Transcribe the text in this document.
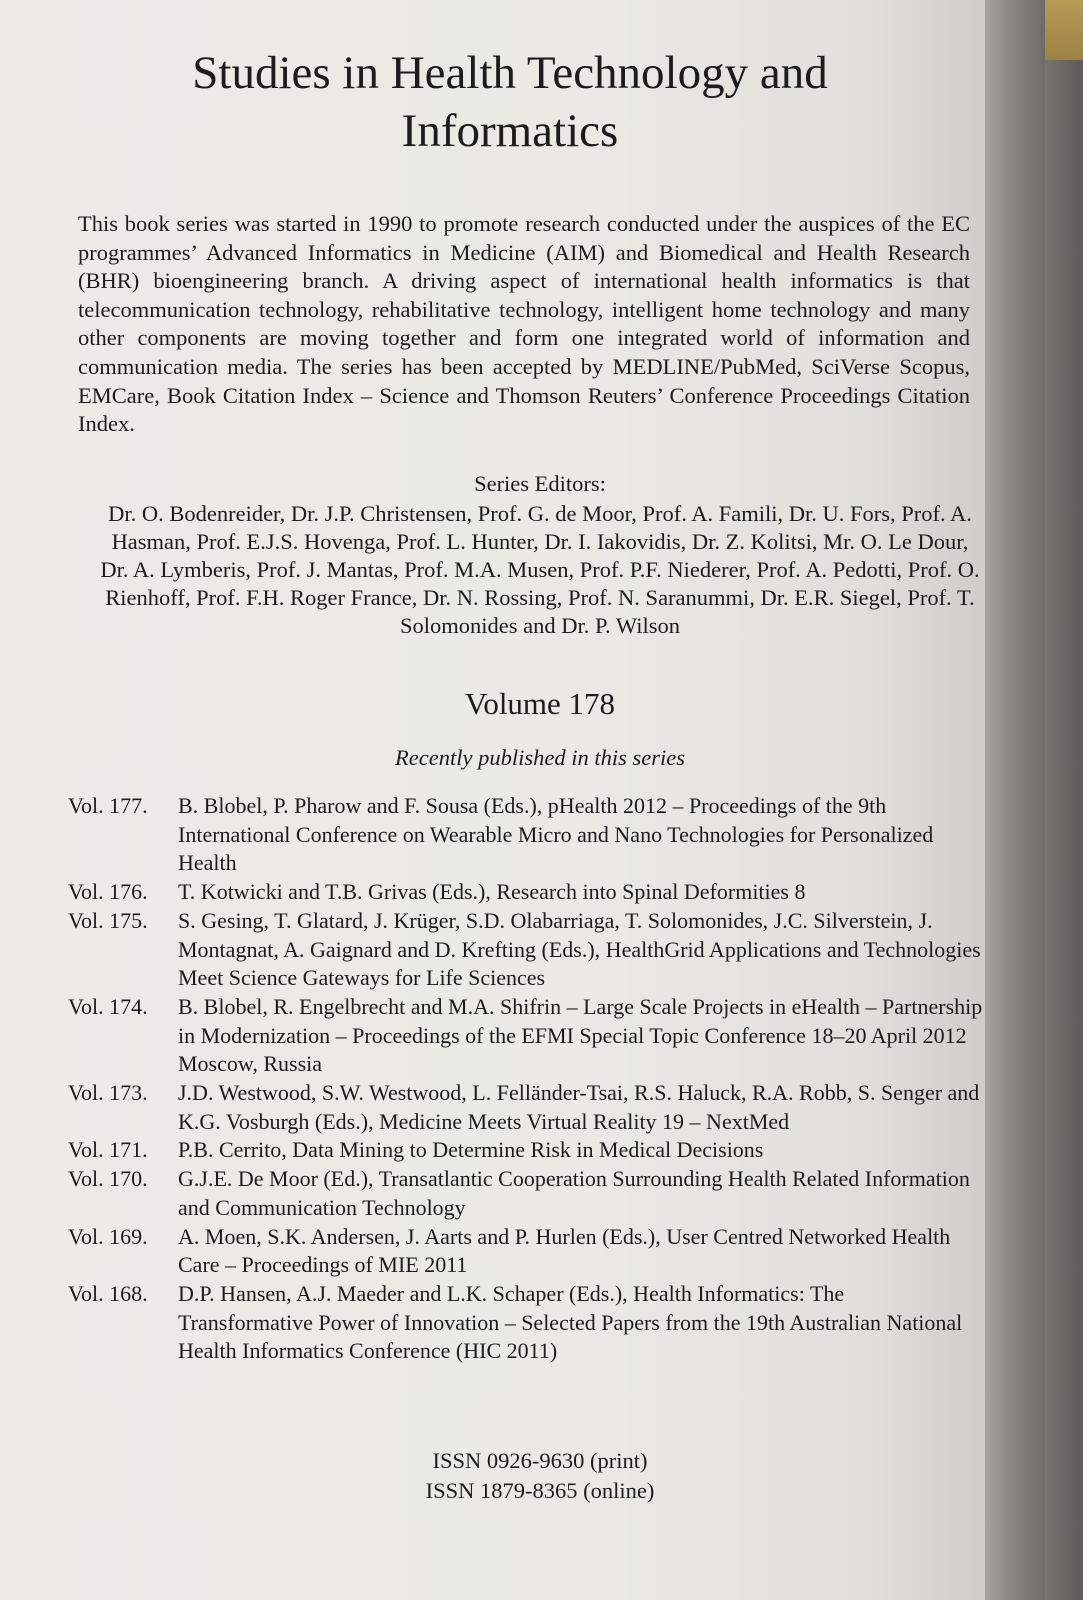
Studies in Health Technology and Informatics

This book series was started in 1990 to promote research conducted under the auspices of the EC programmes’ Advanced Informatics in Medicine (AIM) and Biomedical and Health Research (BHR) bioengineering branch. A driving aspect of international health informatics is that telecommunication technology, rehabilitative technology, intelligent home technology and many other components are moving together and form one integrated world of information and communication media. The series has been accepted by MEDLINE/PubMed, SciVerse Scopus, EMCare, Book Citation Index – Science and Thomson Reuters’ Conference Proceedings Citation Index.

Series Editors:

Dr. O. Bodenreider, Dr. J.P. Christensen, Prof. G. de Moor, Prof. A. Famili, Dr. U. Fors, Prof. A. Hasman, Prof. E.J.S. Hovenga, Prof. L. Hunter, Dr. I. Iakovidis, Dr. Z. Kolitsi, Mr. O. Le Dour, Dr. A. Lymberis, Prof. J. Mantas, Prof. M.A. Musen, Prof. P.F. Niederer, Prof. A. Pedotti, Prof. O. Rienhoff, Prof. F.H. Roger France, Dr. N. Rossing, Prof. N. Saranummi, Dr. E.R. Siegel, Prof. T. Solomonides and Dr. P. Wilson

Volume 178
Recently published in this series
Vol. 177.	B. Blobel, P. Pharow and F. Sousa (Eds.), pHealth 2012 – Proceedings of the 9th International Conference on Wearable Micro and Nano Technologies for Personalized Health
Vol. 176.	T. Kotwicki and T.B. Grivas (Eds.), Research into Spinal Deformities 8
Vol. 175.	S. Gesing, T. Glatard, J. Krüger, S.D. Olabarriaga, T. Solomonides, J.C. Silverstein, J. Montagnat, A. Gaignard and D. Krefting (Eds.), HealthGrid Applications and Technologies Meet Science Gateways for Life Sciences
Vol. 174.	B. Blobel, R. Engelbrecht and M.A. Shifrin – Large Scale Projects in eHealth – Partnership in Modernization – Proceedings of the EFMI Special Topic Conference 18–20 April 2012 Moscow, Russia
Vol. 173.	J.D. Westwood, S.W. Westwood, L. Felländer-Tsai, R.S. Haluck, R.A. Robb, S. Senger and K.G. Vosburgh (Eds.), Medicine Meets Virtual Reality 19 – NextMed
Vol. 171.	P.B. Cerrito, Data Mining to Determine Risk in Medical Decisions
Vol. 170.	G.J.E. De Moor (Ed.), Transatlantic Cooperation Surrounding Health Related Information and Communication Technology
Vol. 169.	A. Moen, S.K. Andersen, J. Aarts and P. Hurlen (Eds.), User Centred Networked Health Care – Proceedings of MIE 2011
Vol. 168.	D.P. Hansen, A.J. Maeder and L.K. Schaper (Eds.), Health Informatics: The Transformative Power of Innovation – Selected Papers from the 19th Australian National Health Informatics Conference (HIC 2011)

ISSN 0926-9630 (print)
ISSN 1879-8365 (online)
